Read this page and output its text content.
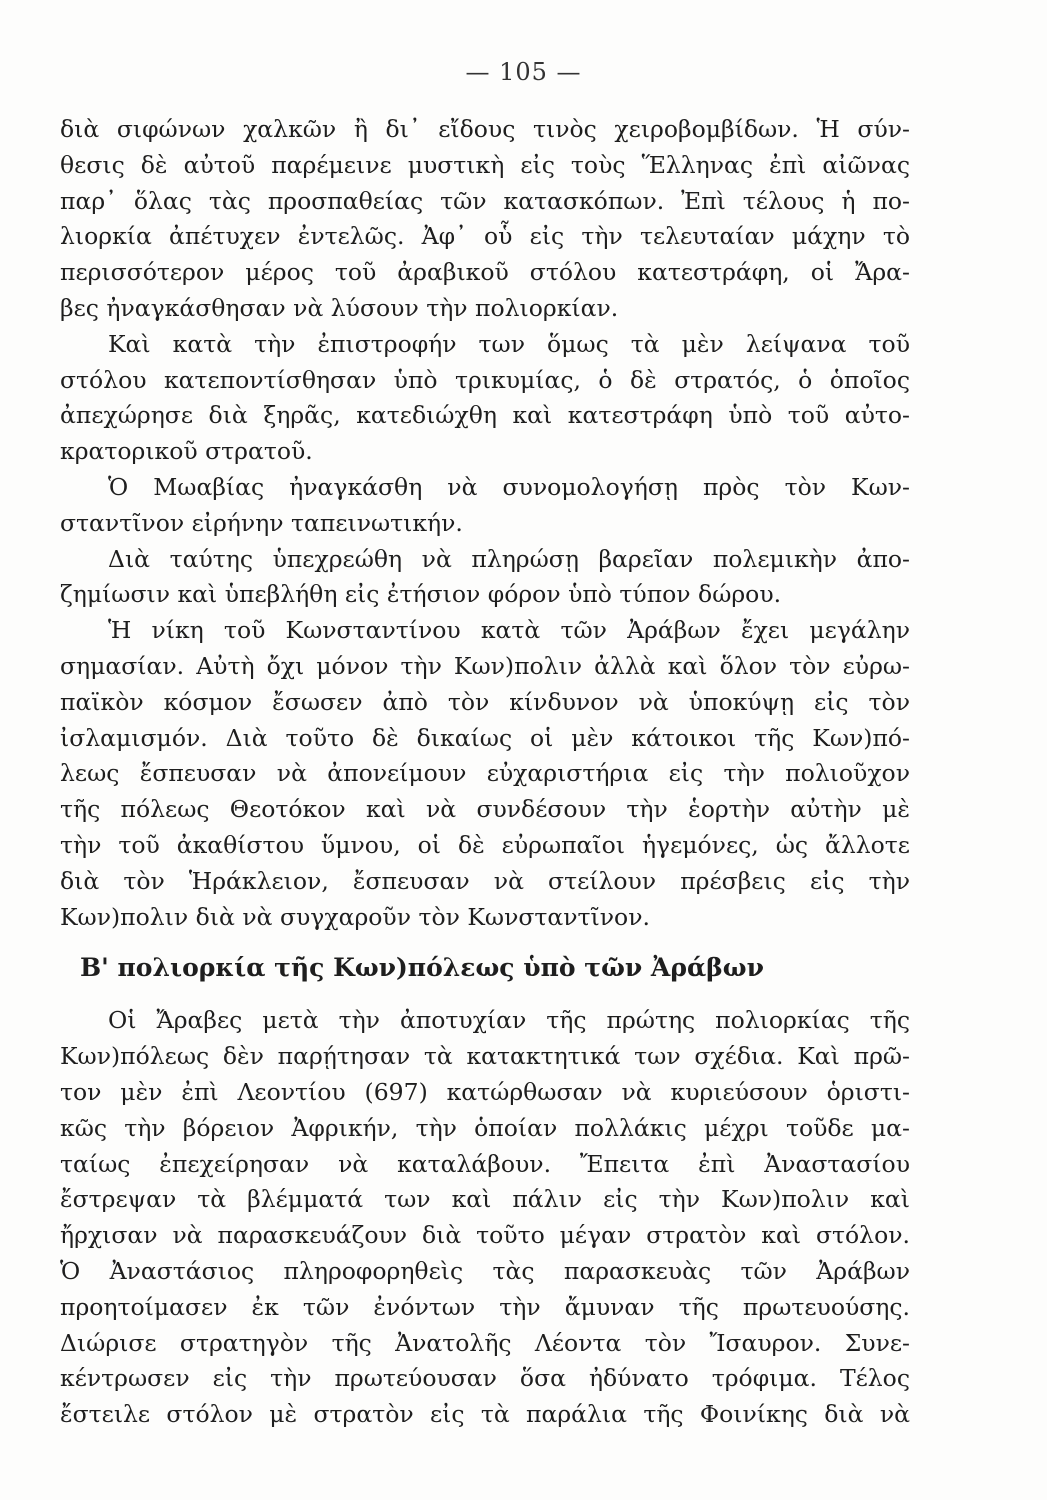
— 105 —
διὰ σιφώνων χαλκῶν ἢ δι᾽ εἴδους τινὸς χειροβομβίδων. Ἡ σύν-
θεσις δὲ αὐτοῦ παρέμεινε μυστικὴ εἰς τοὺς Ἕλληνας ἐπὶ αἰῶνας
παρ᾽ ὅλας τὰς προσπαθείας τῶν κατασκόπων. Ἐπὶ τέλους ἡ πο-
λιορκία ἀπέτυχεν ἐντελῶς. Ἀφ᾽ οὗ εἰς τὴν τελευταίαν μάχην τὸ
περισσότερον μέρος τοῦ ἀραβικοῦ στόλου κατεστράφη, οἱ Ἄρα-
βες ἠναγκάσθησαν νὰ λύσουν τὴν πολιορκίαν.
Καὶ κατὰ τὴν ἐπιστροφήν των ὅμως τὰ μὲν λείψανα τοῦ
στόλου κατεποντίσθησαν ὑπὸ τρικυμίας, ὁ δὲ στρατός, ὁ ὁποῖος
ἀπεχώρησε διὰ ξηρᾶς, κατεδιώχθη καὶ κατεστράφη ὑπὸ τοῦ αὐτο-
κρατορικοῦ στρατοῦ.
Ὁ Μωαβίας ἠναγκάσθη νὰ συνομολογήσῃ πρὸς τὸν Κων-
σταντῖνον εἰρήνην ταπεινωτικήν.
Διὰ ταύτης ὑπεχρεώθη νὰ πληρώσῃ βαρεῖαν πολεμικὴν ἀπο-
ζημίωσιν καὶ ὑπεβλήθη εἰς ἐτήσιον φόρον ὑπὸ τύπον δώρου.
Ἡ νίκη τοῦ Κωνσταντίνου κατὰ τῶν Ἀράβων ἔχει μεγάλην
σημασίαν. Αὐτὴ ὄχι μόνον τὴν Κων)πολιν ἀλλὰ καὶ ὅλον τὸν εὐρω-
παϊκὸν κόσμον ἔσωσεν ἀπὸ τὸν κίνδυνον νὰ ὑποκύψῃ εἰς τὸν
ἰσλαμισμόν. Διὰ τοῦτο δὲ δικαίως οἱ μὲν κάτοικοι τῆς Κων)πό-
λεως ἔσπευσαν νὰ ἀπονείμουν εὐχαριστήρια εἰς τὴν πολιοῦχον
τῆς πόλεως Θεοτόκον καὶ νὰ συνδέσουν τὴν ἑορτὴν αὐτὴν μὲ
τὴν τοῦ ἀκαθίστου ὕμνου, οἱ δὲ εὐρωπαῖοι ἡγεμόνες, ὡς ἄλλοτε
διὰ τὸν Ἡράκλειον, ἔσπευσαν νὰ στείλουν πρέσβεις εἰς τὴν
Κων)πολιν διὰ νὰ συγχαροῦν τὸν Κωνσταντῖνον.
Β' πολιορκία τῆς Κων)πόλεως ὑπὸ τῶν Ἀράβων
Οἱ Ἄραβες μετὰ τὴν ἀποτυχίαν τῆς πρώτης πολιορκίας τῆς
Κων)πόλεως δὲν παρῄτησαν τὰ κατακτητικά των σχέδια. Καὶ πρῶ-
τον μὲν ἐπὶ Λεοντίου (697) κατώρθωσαν νὰ κυριεύσουν ὁριστι-
κῶς τὴν βόρειον Ἀφρικήν, τὴν ὁποίαν πολλάκις μέχρι τοῦδε μα-
ταίως ἐπεχείρησαν νὰ καταλάβουν. Ἔπειτα ἐπὶ Ἀναστασίου
ἔστρεψαν τὰ βλέμματά των καὶ πάλιν εἰς τὴν Κων)πολιν καὶ
ἤρχισαν νὰ παρασκευάζουν διὰ τοῦτο μέγαν στρατὸν καὶ στόλον.
Ὁ Ἀναστάσιος πληροφορηθεὶς τὰς παρασκευὰς τῶν Ἀράβων
προητοίμασεν ἐκ τῶν ἐνόντων τὴν ἄμυναν τῆς πρωτευούσης.
Διώρισε στρατηγὸν τῆς Ἀνατολῆς Λέοντα τὸν Ἴσαυρον. Συνε-
κέντρωσεν εἰς τὴν πρωτεύουσαν ὅσα ἠδύνατο τρόφιμα. Τέλος
ἔστειλε στόλον μὲ στρατὸν εἰς τὰ παράλια τῆς Φοινίκης διὰ νὰ
